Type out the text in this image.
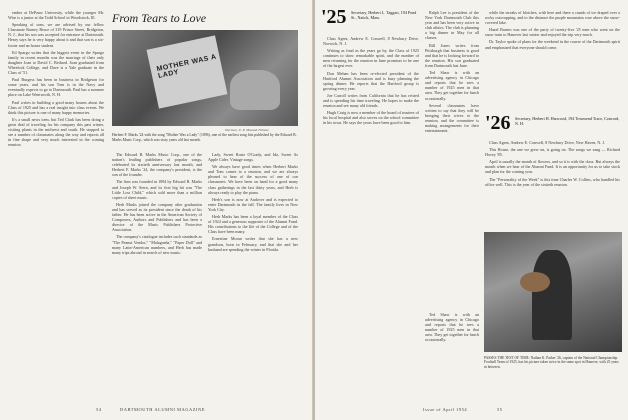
ember at DePauw University, while the younger Mr. Wise is a junior at the Todd School in Woodstock, Ill.

Speaking of sons, we are advised by our fellow Classmate Barney Bruce of 319 Prince Street, Bridgeton, N. J., that his son was accepted for entrance at Dartmouth. Henry says he is very happy about it and that son is a six-footer and an honor student.

Ed Spargo writes that the biggest event in the Spargo family in recent months was the marriage of their only daughter Joan to David C. Bethard. Joan graduated from Wheelock College, and Dave is a Yale graduate in the Class of '51.

Paul Burgess has been in business in Bridgeton for some years, and his son Tom is in the Navy and eventually expects to go to Dartmouth. Paul has a summer place on Lake Wentworth, N. H.

Paul writes in building a good many houses about the Class of 1925 and has a real insight into class events. We think this picture is one of many happy memories.

It's a small news item, but Ted Clark has been doing a great deal of traveling for his company this past winter, visiting plants in the midwest and south. He stopped to see a number of classmates along the way and reports all in fine shape and very much interested in the coming reunion.

From Tears to Love
MOTHER WAS A LADY
Warman, U. P. Massad Tribune
Herbert F. Marks '24 with the song "Mother Was a Lady" (1896), one of the earliest song hits published by the Edward B. Marks Music Corp., which was sixty years old last month.

The Edward B. Marks Music Corp., one of the nation's leading publishers of popular songs, celebrated its sixtieth anniversary last month, and Herbert F. Marks '24, the company's president, is the son of the founder.

The firm was founded in 1894 by Edward B. Marks and Joseph W. Stern, and its first big hit was "The Little Lost Child," which sold more than a million copies of sheet music.

Herb Marks joined the company after graduation and has served as its president since the death of his father. He has been active in the American Society of Composers, Authors and Publishers and has been a director of the Music Publishers Protective Association.

The company's catalogue includes such standards as "The Peanut Vendor," "Malagueña," "Paper Doll" and many Latin-American numbers, and Herb has made many trips abroad in search of new music.

Lady, Sweet Rosie O'Grady, and Ida, Sweet As Apple Cider. Vintage songs.

We always have good times when Herbert Marks and Tom comes to a reunion, and we are always pleased to hear of the success of one of our classmates. We have been on hand for a good many class gatherings in the last thirty years, and Herb is always ready to play the piano.

Herb's son is now at Andover and is expected to enter Dartmouth in the fall. The family lives in New York City.

Herb Marks has been a loyal member of the Class of 1924 and a generous supporter of the Alumni Fund. His contributions to the life of the College and of the Class have been many.

Ernestine Moran writes that she has a new grandson, born in February, and that she and her husband are spending the winter in Florida.

54	DARTMOUTH ALUMNI MAGAZINE
'25 Secretary, Herbert L. Taggart, 194 Pond St., Natick, Mass.

Class Agent, Andrew E. Conwell, 8 Newbury Drive, Norwich, N. J.

Writing as fond as the years go by, the Class of 1925 continues to show remarkable spirit, and the number of men returning for the reunion in June promises to be one of the largest ever.

Don Mehan has been re-elected president of the Hartford Alumni Association and is busy planning the spring dinner. He reports that the Hartford group is growing every year.

Joe Carroll writes from California that he has retired and is spending his time traveling. He hopes to make the reunion and see many old friends.

Hugh Craig is now a member of the board of trustees of his local hospital and also serves on the school committee in his town. He says the years have been good to him.

Ralph Lee is president of the New York Dartmouth Club this year and has been very active in club affairs. The club is planning a big dinner in May for all classes.

Bill Jones writes from Pittsburgh that business is good and that he is looking forward to the reunion. His son graduated from Dartmouth last June.

Ted Shaw is with an advertising agency in Chicago and reports that he sees a number of 1925 men in that area. They get together for lunch occasionally.

Several classmates have written to say that they will be bringing their wives to the reunion, and the committee is making arrangements for their entertainment.

Ted Shaw is with an advertising agency in Chicago and reports that he sees a number of 1925 men in that area. They get together for lunch occasionally.

while the streaks of blotches, with here and there a crumb of ice draped over a rocky outcropping, and to the distance the purple mountains rose above the snow-covered lake.

Hazel Barnes was one of the party of twenty-five '25 men who went on the snow train to Hanover last winter and enjoyed the trip very much.

Dr. Taylor spoke of plans for the weekend in the course of the Dartmouth spirit and emphasized that everyone should come.

'26 Secretary, Herbert H. Harwood, 194 Townsend Trace, Concord, N. H.

Class Agent, Andrew E. Conwell, 8 Newbury Drive, New Haven, N. J.

This House, the one we grew on, is going on. The songs we sang — Richard Hovey '85.

April is usually the month of flowers, and so it is with the class. But always the month when we hear of the Alumni Fund. It is an opportunity for us to take stock and plan for the coming year.

The "Personality of the Week" is this time Charles W. Collins, who handled his office well. This is the year of the sixtieth reunion.

Issue of April 1954	55
PASSES THE TEST OF TIME: Nathan K. Parker '26, captain of the National Championship Football Team of 1925, has his picture taken twice in the same spot in Hanover, with 25 years in between.
